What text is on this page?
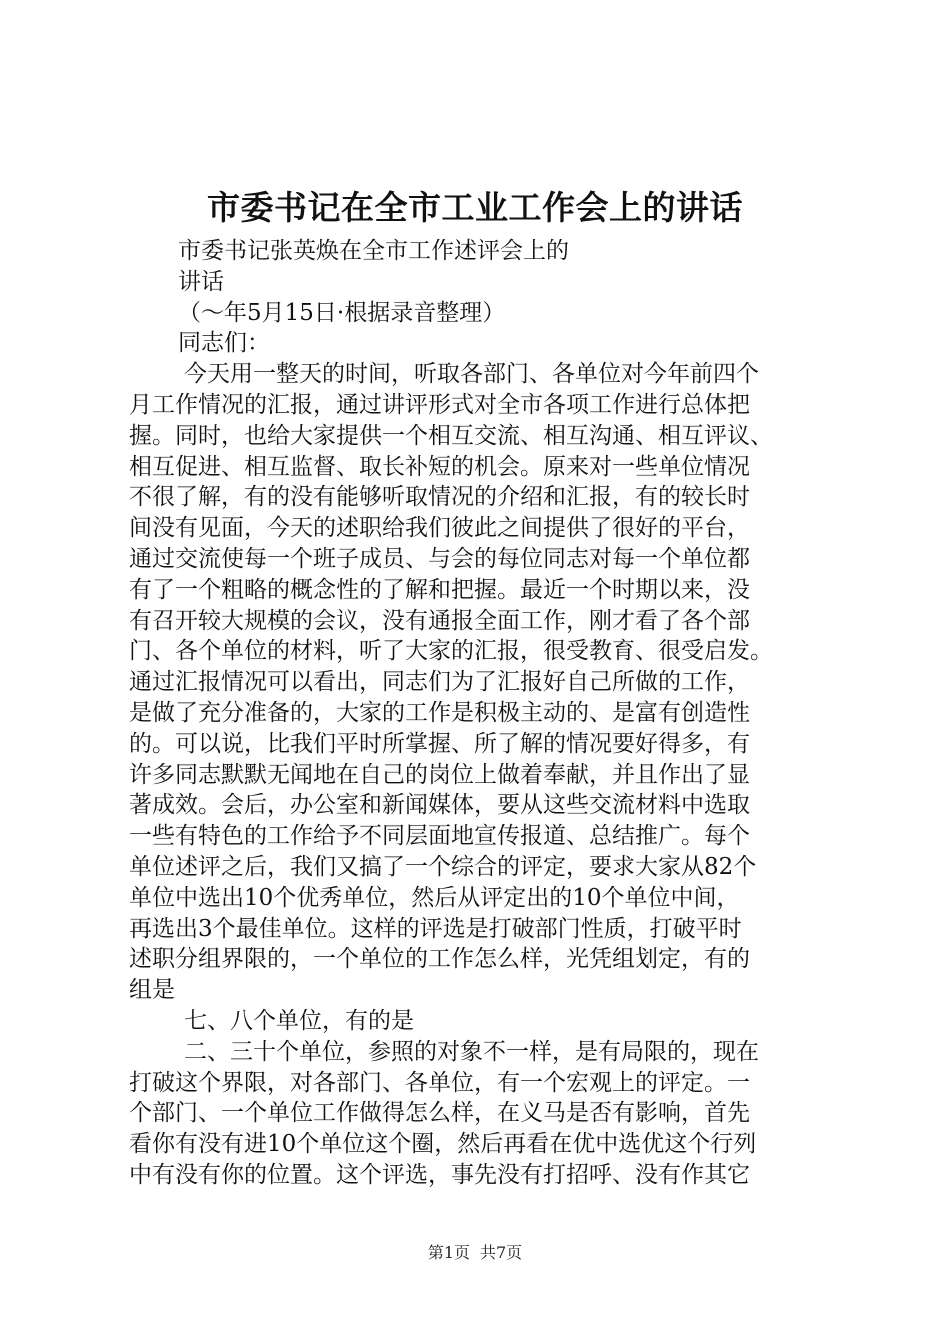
市委书记在全市工业工作会上的讲话
市委书记张英焕在全市工作述评会上的
讲话
（～年5月15日·根据录音整理）
同志们：
今天用一整天的时间，听取各部门、各单位对今年前四个
月工作情况的汇报，通过讲评形式对全市各项工作进行总体把
握。同时，也给大家提供一个相互交流、相互沟通、相互评议、
相互促进、相互监督、取长补短的机会。原来对一些单位情况
不很了解，有的没有能够听取情况的介绍和汇报，有的较长时
间没有见面，今天的述职给我们彼此之间提供了很好的平台，
通过交流使每一个班子成员、与会的每位同志对每一个单位都
有了一个粗略的概念性的了解和把握。最近一个时期以来，没
有召开较大规模的会议，没有通报全面工作，刚才看了各个部
门、各个单位的材料，听了大家的汇报，很受教育、很受启发。
通过汇报情况可以看出，同志们为了汇报好自己所做的工作，
是做了充分准备的，大家的工作是积极主动的、是富有创造性
的。可以说，比我们平时所掌握、所了解的情况要好得多，有
许多同志默默无闻地在自己的岗位上做着奉献，并且作出了显
著成效。会后，办公室和新闻媒体，要从这些交流材料中选取
一些有特色的工作给予不同层面地宣传报道、总结推广。每个
单位述评之后，我们又搞了一个综合的评定，要求大家从82个
单位中选出10个优秀单位，然后从评定出的10个单位中间，
再选出3个最佳单位。这样的评选是打破部门性质，打破平时
述职分组界限的，一个单位的工作怎么样，光凭组划定，有的
组是
七、八个单位，有的是
二、三十个单位，参照的对象不一样，是有局限的，现在
打破这个界限，对各部门、各单位，有一个宏观上的评定。一
个部门、一个单位工作做得怎么样，在义马是否有影响，首先
看你有没有进10个单位这个圈，然后再看在优中选优这个行列
中有没有你的位置。这个评选，事先没有打招呼、没有作其它
第1页 共7页
